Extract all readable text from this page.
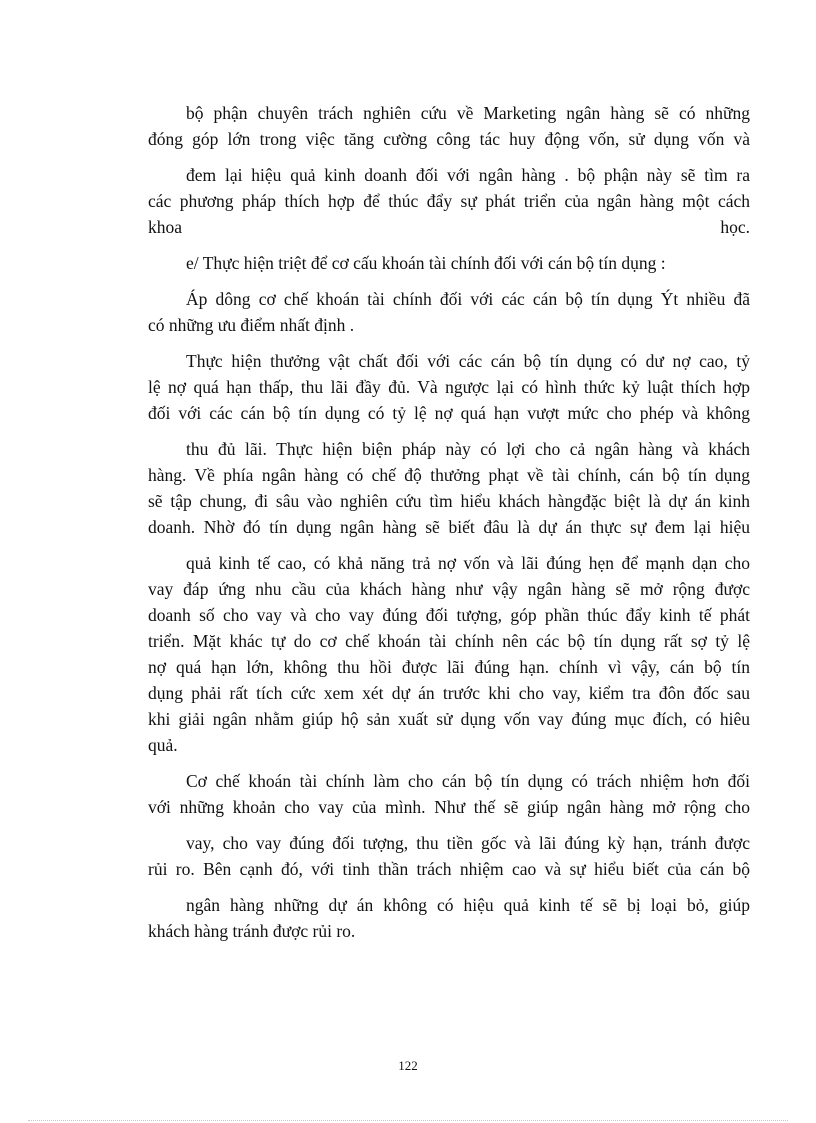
bộ phận chuyên trách nghiên cứu về Marketing ngân hàng sẽ có những
đóng góp lớn trong việc tăng cường công tác huy động vốn, sử dụng vốn và
đem lại hiệu quả kinh doanh đối với ngân hàng . bộ phận này sẽ tìm ra
các phương pháp thích hợp để thúc đẩy sự phát triển của ngân hàng một cách
khoa học.
e/ Thực hiện triệt để cơ cấu khoán tài chính đối với cán bộ tín dụng :
Áp dông cơ chế khoán tài chính đối với các cán bộ tín dụng Ýt nhiều đã
có những ưu điểm nhất định .
Thực hiện thưởng vật chất đối với các cán bộ tín dụng có dư nợ cao, tỷ
lệ nợ quá hạn thấp, thu lãi đầy đủ. Và ngược lại có hình thức kỷ luật thích hợp
đối với các cán bộ tín dụng có tỷ lệ nợ quá hạn vượt mức cho phép và không
thu đủ lãi. Thực hiện biện pháp này có lợi cho cả ngân hàng và khách
hàng. Về phía ngân hàng có chế độ thưởng phạt về tài chính, cán bộ tín dụng
sẽ tập chung, đi sâu vào nghiên cứu tìm hiểu khách hàngđặc biệt là dự án kinh
doanh. Nhờ đó tín dụng ngân hàng sẽ biết đâu là dự án thực sự đem lại hiệu
quả kinh tế cao, có khả năng trả nợ vốn và lãi đúng hẹn để mạnh dạn cho
vay đáp ứng nhu cầu của khách hàng như vậy ngân hàng sẽ mở rộng được
doanh số cho vay và cho vay đúng đối tượng, góp phần thúc đẩy kinh tế phát
triển. Mặt khác tự do cơ chế khoán tài chính nên các bộ tín dụng rất sợ tỷ lệ
nợ quá hạn lớn, không thu hồi được lãi đúng hạn. chính vì vậy, cán bộ tín
dụng phải rất tích cức xem xét dự án trước khi cho vay, kiểm tra đôn đốc sau
khi giải ngân nhằm giúp hộ sản xuất sử dụng vốn vay đúng mục đích, có hiêu
quả.
Cơ chế khoán tài chính làm cho cán bộ tín dụng có trách nhiệm hơn đối
với những khoản cho vay của mình. Như thế sẽ giúp ngân hàng mở rộng cho
vay, cho vay đúng đối tượng, thu tiền gốc và lãi đúng kỳ hạn, tránh được
rủi ro. Bên cạnh đó, với tinh thần trách nhiệm cao và sự hiểu biết của cán bộ
ngân hàng những dự án không có hiệu quả kinh tế sẽ bị loại bỏ, giúp
khách hàng tránh được rủi ro.
122
